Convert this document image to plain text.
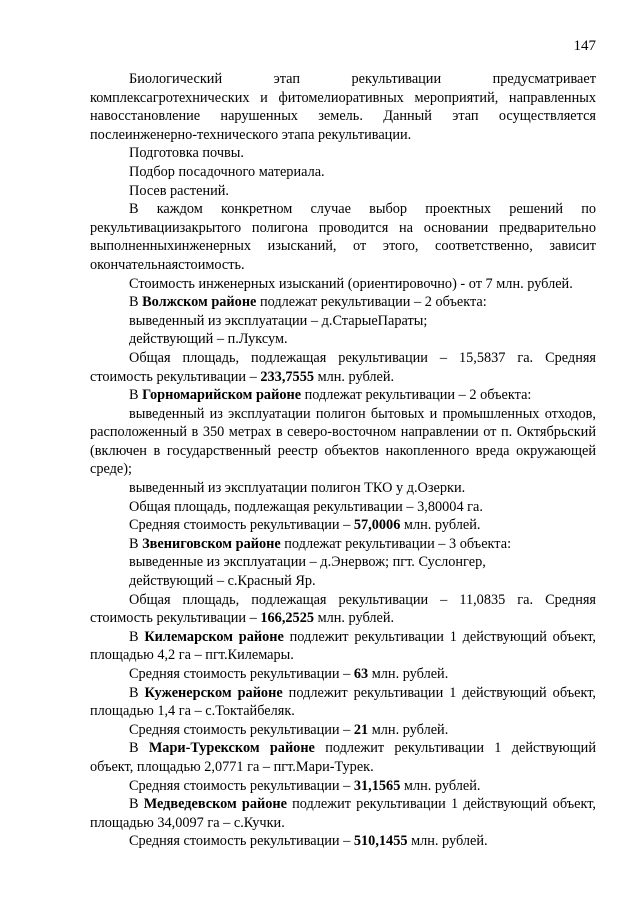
147

Биологический этап рекультивации предусматривает комплексагротехнических и фитомелиоративных мероприятий, направленных навосстановление нарушенных земель. Данный этап осуществляется послеинженерно-технического этапа рекультивации.

Подготовка почвы.

Подбор посадочного материала.

Посев растений.

В каждом конкретном случае выбор проектных решений по рекультивациизакрытого полигона проводится на основании предварительно выполненныхинженерных изысканий, от этого, соответственно, зависит окончательнаястоимость.

Стоимость инженерных изысканий (ориентировочно) - от 7 млн. рублей.

В Волжском районе подлежат рекультивации – 2 объекта:

выведенный из эксплуатации – д.СтарыеПараты;

действующий – п.Луксум.

Общая площадь, подлежащая рекультивации – 15,5837 га. Средняя стоимость рекультивации – 233,7555 млн. рублей.

В Горномарийском районе подлежат рекультивации – 2 объекта:

выведенный из эксплуатации полигон бытовых и промышленных отходов, расположенный в 350 метрах в северо-восточном направлении от п. Октябрьский (включен в государственный реестр объектов накопленного вреда окружающей среде);

выведенный из эксплуатации полигон ТКО у д.Озерки.

Общая площадь, подлежащая рекультивации – 3,80004 га.

Средняя стоимость рекультивации – 57,0006 млн. рублей.

В Звениговском районе подлежат рекультивации – 3 объекта:

выведенные из эксплуатации – д.Энервож; пгт. Суслонгер,

действующий – с.Красный Яр.

Общая площадь, подлежащая рекультивации – 11,0835 га. Средняя стоимость рекультивации – 166,2525 млн. рублей.

В Килемарском районе подлежит рекультивации 1 действующий объект, площадью 4,2 га – пгт.Килемары.

Средняя стоимость рекультивации – 63 млн. рублей.

В Куженерском районе подлежит рекультивации 1 действующий объект, площадью 1,4 га – с.Токтайбеляк.

Средняя стоимость рекультивации – 21 млн. рублей.

В Мари-Турекском районе подлежит рекультивации 1 действующий объект, площадью 2,0771 га – пгт.Мари-Турек.

Средняя стоимость рекультивации – 31,1565 млн. рублей.

В Медведевском районе подлежит рекультивации 1 действующий объект, площадью 34,0097 га – с.Кучки.

Средняя стоимость рекультивации – 510,1455 млн. рублей.
